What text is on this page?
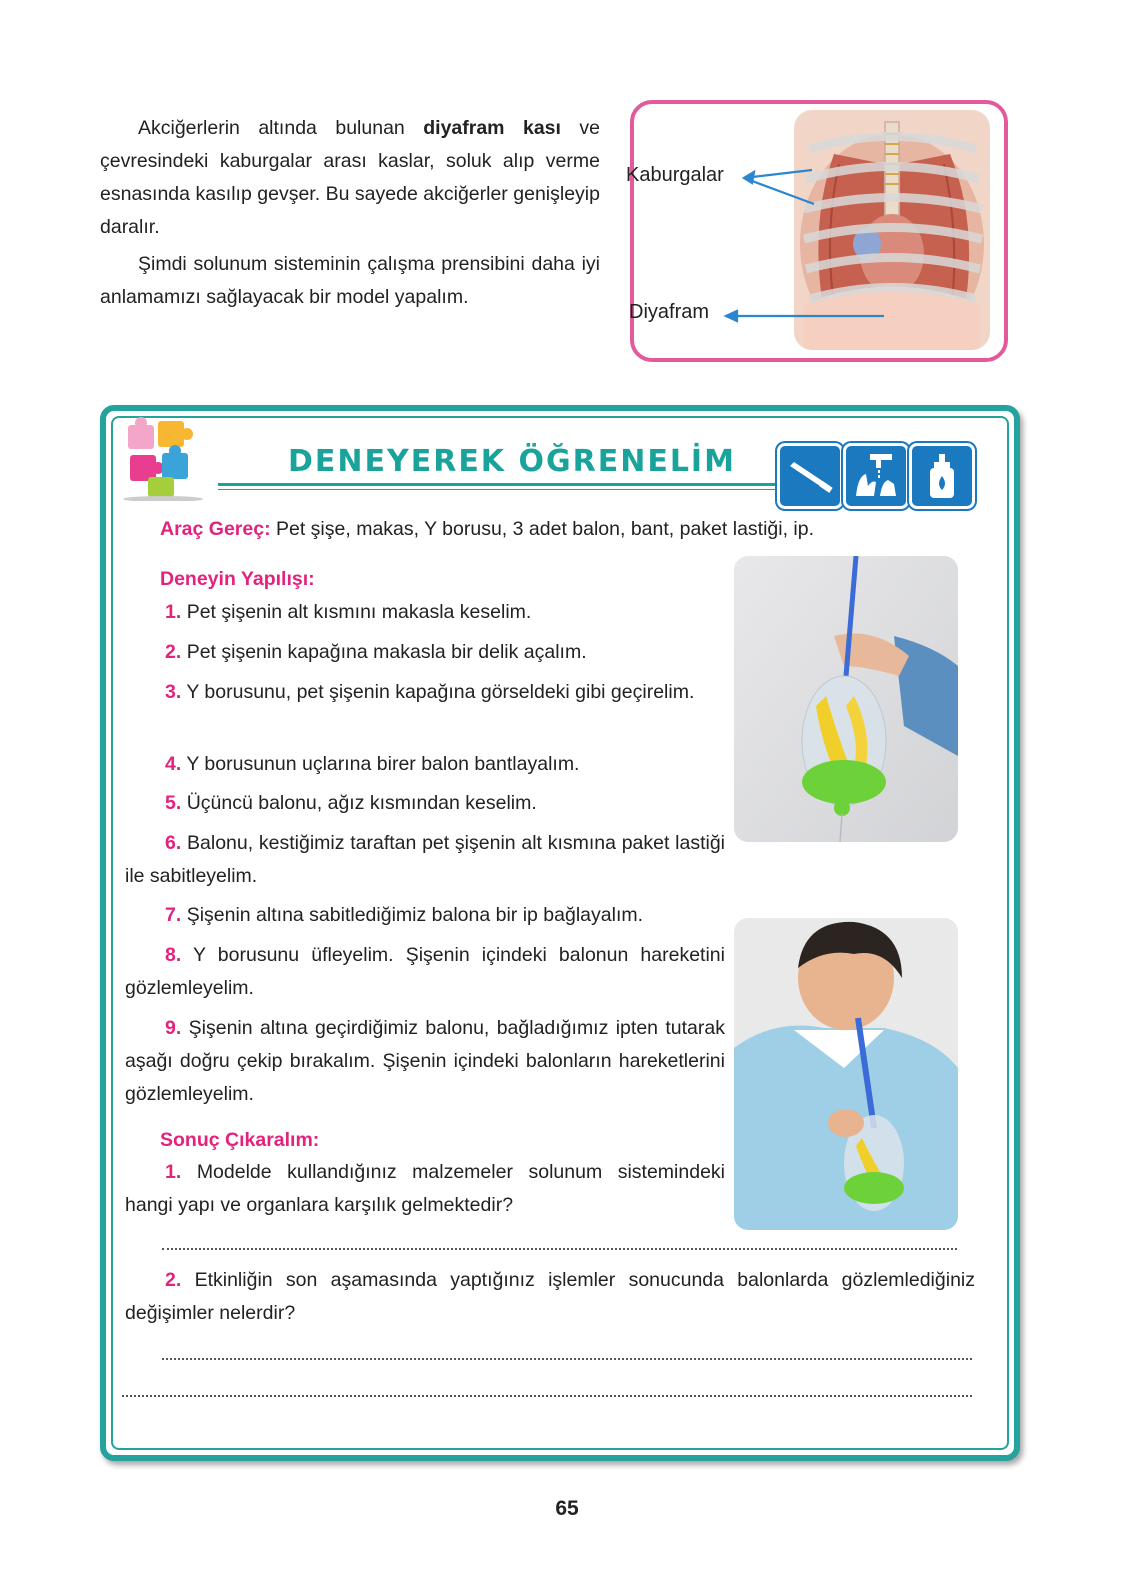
Akciğerlerin altında bulunan diyafram kası ve çevresindeki kaburgalar arası kaslar, soluk alıp verme esnasında kasılıp gevşer. Bu sayede akciğerler genişleyip daralır.

Şimdi solunum sisteminin çalışma prensibini daha iyi anlamamızı sağlayacak bir model yapalım.

Kaburgalar
Diyafram
DENEYEREK ÖĞRENELİM
Araç Gereç: Pet şişe, makas, Y borusu, 3 adet balon, bant, paket lastiği, ip.
Deneyin Yapılışı:
1. Pet şişenin alt kısmını makasla keselim.
2. Pet şişenin kapağına makasla bir delik açalım.
3. Y borusunu, pet şişenin kapağına görseldeki gibi geçirelim.
4. Y borusunun uçlarına birer balon bantlayalım.
5. Üçüncü balonu, ağız kısmından keselim.
6. Balonu, kestiğimiz taraftan pet şişenin alt kısmına paket lastiği ile sabitleyelim.
7. Şişenin altına sabitlediğimiz balona bir ip bağlayalım.
8. Y borusunu üfleyelim. Şişenin içindeki balonun hareketini gözlemleyelim.
9. Şişenin altına geçirdiğimiz balonu, bağladığımız ipten tutarak aşağı doğru çekip bırakalım. Şişenin içindeki balonların hareketlerini gözlemleyelim.
Sonuç Çıkaralım:
1. Modelde kullandığınız malzemeler solunum sistemindeki hangi yapı ve organlara karşılık gelmektedir?
2. Etkinliğin son aşamasında yaptığınız işlemler sonucunda balonlarda gözlemlediğiniz değişimler nelerdir?
65
